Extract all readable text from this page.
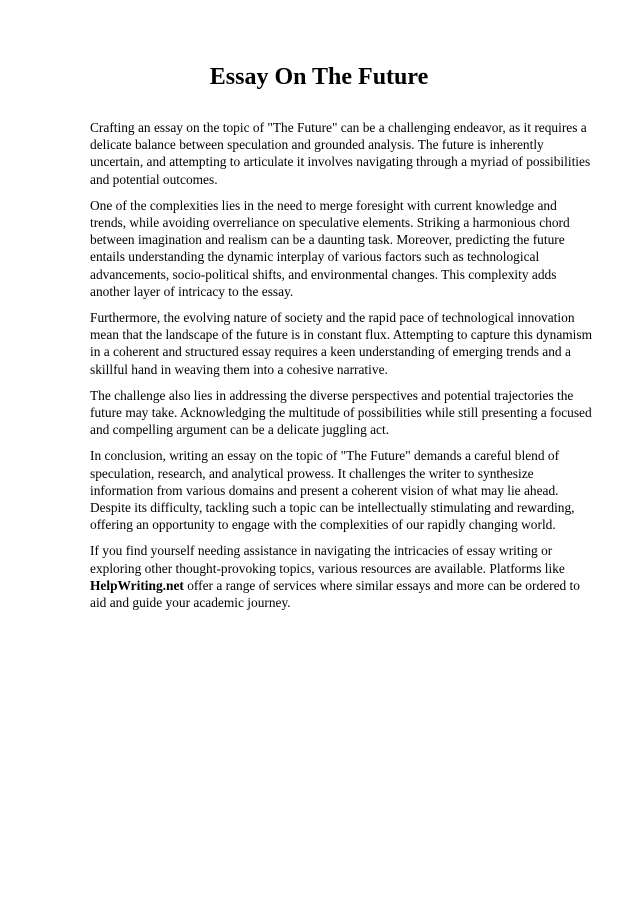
Essay On The Future

Crafting an essay on the topic of "The Future" can be a challenging endeavor, as it requires a delicate balance between speculation and grounded analysis. The future is inherently uncertain, and attempting to articulate it involves navigating through a myriad of possibilities and potential outcomes.

One of the complexities lies in the need to merge foresight with current knowledge and trends, while avoiding overreliance on speculative elements. Striking a harmonious chord between imagination and realism can be a daunting task. Moreover, predicting the future entails understanding the dynamic interplay of various factors such as technological advancements, socio-political shifts, and environmental changes. This complexity adds another layer of intricacy to the essay.

Furthermore, the evolving nature of society and the rapid pace of technological innovation mean that the landscape of the future is in constant flux. Attempting to capture this dynamism in a coherent and structured essay requires a keen understanding of emerging trends and a skillful hand in weaving them into a cohesive narrative.

The challenge also lies in addressing the diverse perspectives and potential trajectories the future may take. Acknowledging the multitude of possibilities while still presenting a focused and compelling argument can be a delicate juggling act.

In conclusion, writing an essay on the topic of "The Future" demands a careful blend of speculation, research, and analytical prowess. It challenges the writer to synthesize information from various domains and present a coherent vision of what may lie ahead. Despite its difficulty, tackling such a topic can be intellectually stimulating and rewarding, offering an opportunity to engage with the complexities of our rapidly changing world.

If you find yourself needing assistance in navigating the intricacies of essay writing or exploring other thought-provoking topics, various resources are available. Platforms like HelpWriting.net offer a range of services where similar essays and more can be ordered to aid and guide your academic journey.
